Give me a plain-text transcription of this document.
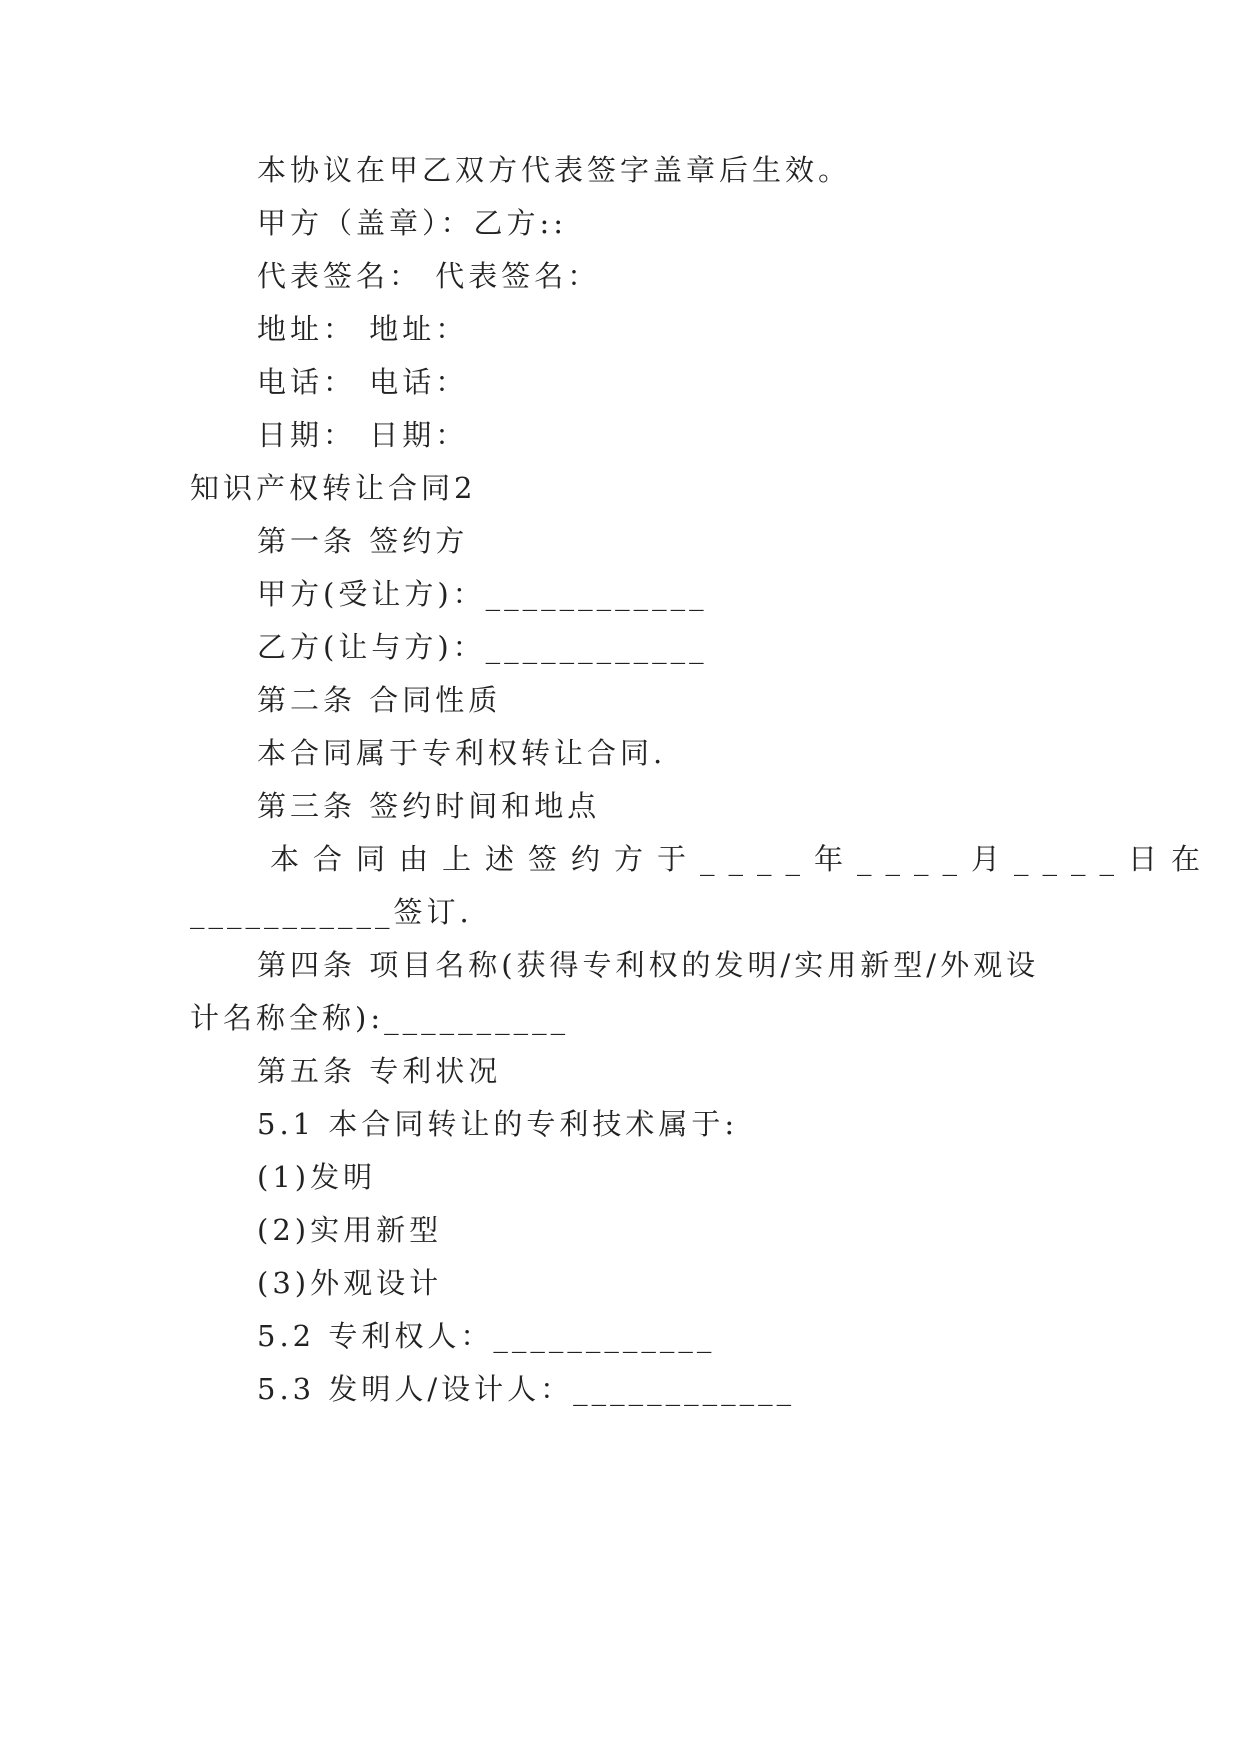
本协议在甲乙双方代表签字盖章后生效。
甲方（盖章）：乙方::
代表签名： 代表签名：
地址： 地址：
电话： 电话：
日期： 日期：
知识产权转让合同2
第一条 签约方
甲方(受让方)：____________
乙方(让与方)：____________
第二条 合同性质
本合同属于专利权转让合同.
第三条 签约时间和地点
本合同由上述签约方于____年____月____日在
___________签订.
第四条 项目名称(获得专利权的发明/实用新型/外观设
计名称全称):__________
第五条 专利状况
5.1 本合同转让的专利技术属于:
(1)发明
(2)实用新型
(3)外观设计
5.2 专利权人：____________
5.3 发明人/设计人：____________
